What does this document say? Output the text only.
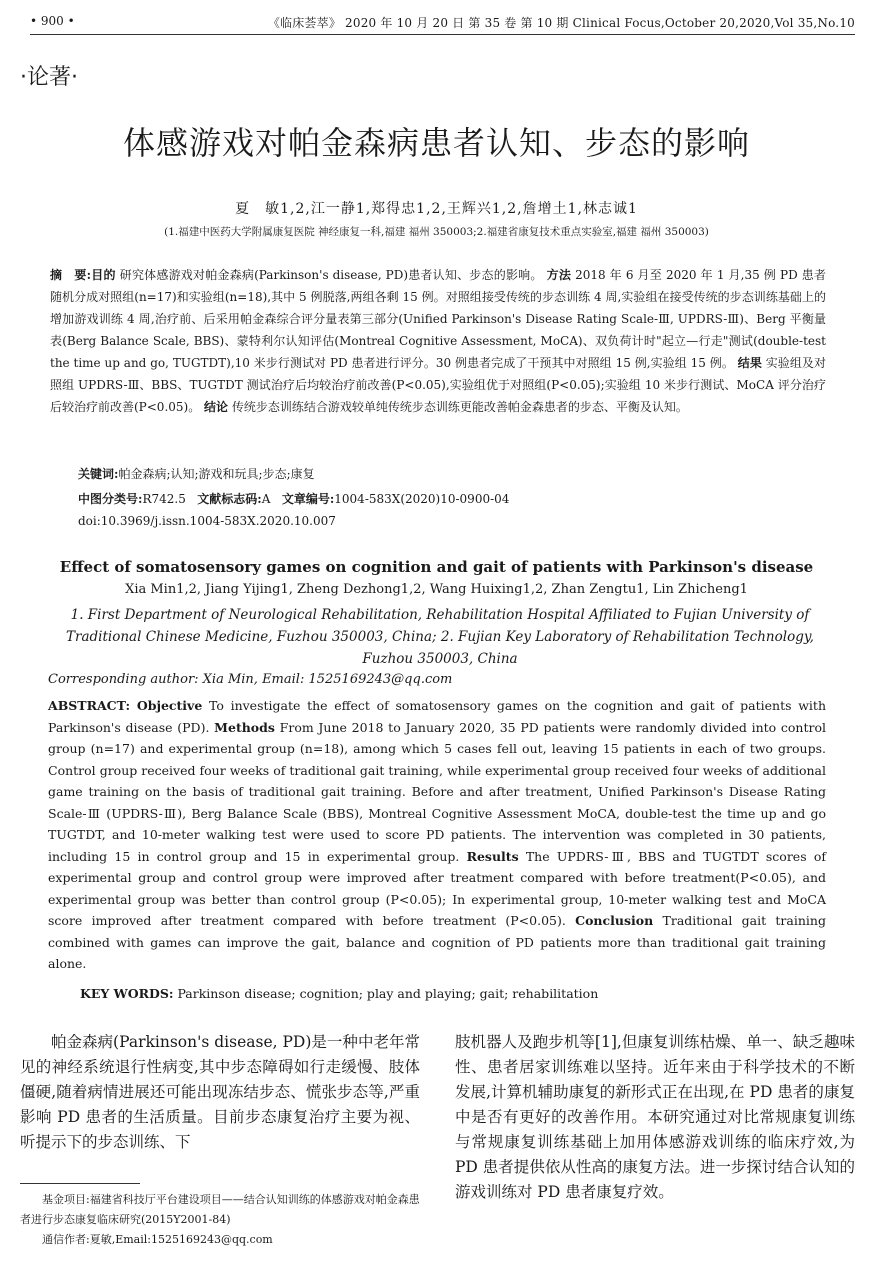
• 900 •	《临床荟萃》 2020 年 10 月 20 日 第 35 卷 第 10 期 Clinical Focus,October 20,2020,Vol 35,No.10
·论著·
体感游戏对帕金森病患者认知、步态的影响
夏　敏1,2,江一静1,郑得忠1,2,王辉兴1,2,詹增土1,林志诚1
(1.福建中医药大学附属康复医院 神经康复一科,福建 福州 350003;2.福建省康复技术重点实验室,福建 福州 350003)
摘　要:目的 研究体感游戏对帕金森病(Parkinson's disease, PD)患者认知、步态的影响。 方法 2018 年 6 月至 2020 年 1 月,35 例 PD 患者随机分成对照组(n=17)和实验组(n=18),其中 5 例脱落,两组各剩 15 例。对照组接受传统的步态训练 4 周,实验组在接受传统的步态训练基础上的增加游戏训练 4 周,治疗前、后采用帕金森综合评分量表第三部分(Unified Parkinson's Disease Rating Scale-Ⅲ, UPDRS-Ⅲ)、Berg 平衡量表(Berg Balance Scale, BBS)、蒙特利尔认知评估(Montreal Cognitive Assessment, MoCA)、双负荷计时"起立—行走"测试(double-test the time up and go, TUGTDT),10 米步行测试对 PD 患者进行评分。30 例患者完成了干预其中对照组 15 例,实验组 15 例。 结果 实验组及对照组 UPDRS-Ⅲ、BBS、TUGTDT 测试治疗后均较治疗前改善(P<0.05),实验组优于对照组(P<0.05);实验组 10 米步行测试、MoCA 评分治疗后较治疗前改善(P<0.05)。 结论 传统步态训练结合游戏较单纯传统步态训练更能改善帕金森患者的步态、平衡及认知。
关键词:帕金森病;认知;游戏和玩具;步态;康复
中图分类号:R742.5 文献标志码:A 文章编号:1004-583X(2020)10-0900-04
doi:10.3969/j.issn.1004-583X.2020.10.007
Effect of somatosensory games on cognition and gait of patients with Parkinson's disease
Xia Min1,2, Jiang Yijing1, Zheng Dezhong1,2, Wang Huixing1,2, Zhan Zengtu1, Lin Zhicheng1
1. First Department of Neurological Rehabilitation, Rehabilitation Hospital Affiliated to Fujian University of Traditional Chinese Medicine, Fuzhou 350003, China; 2. Fujian Key Laboratory of Rehabilitation Technology, Fuzhou 350003, China
Corresponding author: Xia Min, Email: 1525169243@qq.com
ABSTRACT: Objective To investigate the effect of somatosensory games on the cognition and gait of patients with Parkinson's disease (PD). Methods From June 2018 to January 2020, 35 PD patients were randomly divided into control group (n=17) and experimental group (n=18), among which 5 cases fell out, leaving 15 patients in each of two groups. Control group received four weeks of traditional gait training, while experimental group received four weeks of additional game training on the basis of traditional gait training. Before and after treatment, Unified Parkinson's Disease Rating Scale-Ⅲ (UPDRS-Ⅲ), Berg Balance Scale (BBS), Montreal Cognitive Assessment MoCA, double-test the time up and go TUGTDT, and 10-meter walking test were used to score PD patients. The intervention was completed in 30 patients, including 15 in control group and 15 in experimental group. Results The UPDRS-Ⅲ, BBS and TUGTDT scores of experimental group and control group were improved after treatment compared with before treatment(P<0.05), and experimental group was better than control group (P<0.05); In experimental group, 10-meter walking test and MoCA score improved after treatment compared with before treatment (P<0.05). Conclusion Traditional gait training combined with games can improve the gait, balance and cognition of PD patients more than traditional gait training alone.
KEY WORDS: Parkinson disease; cognition; play and playing; gait; rehabilitation
帕金森病(Parkinson's disease, PD)是一种中老年常见的神经系统退行性病变,其中步态障碍如行走缓慢、肢体僵硬,随着病情进展还可能出现冻结步态、慌张步态等,严重影响 PD 患者的生活质量。目前步态康复治疗主要为视、听提示下的步态训练、下
肢机器人及跑步机等[1],但康复训练枯燥、单一、缺乏趣味性、患者居家训练难以坚持。近年来由于科学技术的不断发展,计算机辅助康复的新形式正在出现,在 PD 患者的康复中是否有更好的改善作用。本研究通过对比常规康复训练与常规康复训练基础上加用体感游戏训练的临床疗效,为 PD 患者提供依从性高的康复方法。进一步探讨结合认知的游戏训练对 PD 患者康复疗效。
基金项目:福建省科技厅平台建设项目——结合认知训练的体感游戏对帕金森患者进行步态康复临床研究(2015Y2001-84)
通信作者:夏敏,Email:1525169243@qq.com
